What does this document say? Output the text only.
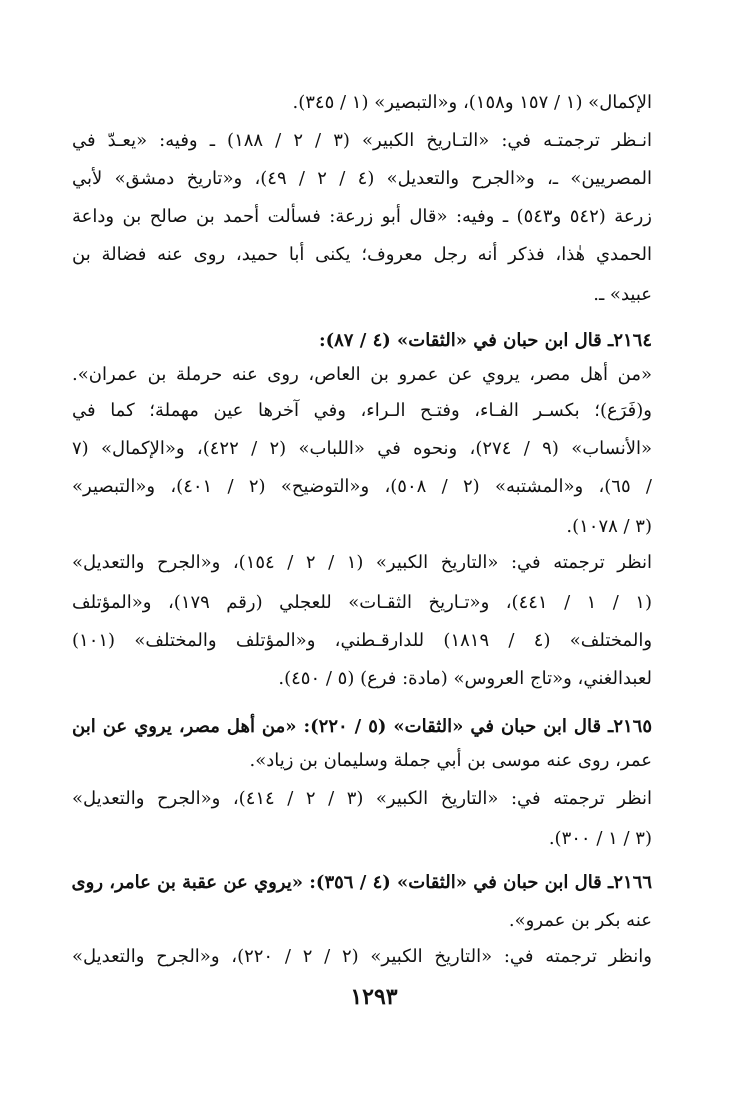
الإكمال» (١ / ١٥٧ و١٥٨)، و«التبصير» (١ / ٣٤٥).
انـظر ترجمتـه في: «التـاريخ الكبير» (٣ / ٢ / ١٨٨) ـ وفيه: «يعـدّ في
المصريين» ـ، و«الجرح والتعديل» (٤ / ٢ / ٤٩)، و«تاريخ دمشق» لأبي
زرعة (٥٤٢ و٥٤٣) ـ وفيه: «قال أبو زرعة: فسألت أحمد بن صالح بن وداعة
الحمدي هٰذا، فذكر أنه رجل معروف؛ يكنى أبا حميد، روى عنه فضالة بن
عبيد» ـ.
٢١٦٤ـ قال ابن حبان في «الثقات» (٤ / ٨٧):
«من أهل مصر، يروي عن عمرو بن العاص، روى عنه حرملة بن عمران».
و(فَرَع)؛ بكسـر الفـاء، وفتـح الـراء، وفي آخرها عين مهملة؛ كما في
«الأنساب» (٩ / ٢٧٤)، ونحوه في «اللباب» (٢ / ٤٢٢)، و«الإكمال» (٧
/ ٦٥)، و«المشتبه» (٢ / ٥٠٨)، و«التوضيح» (٢ / ٤٠١)، و«التبصير»
(٣ / ١٠٧٨).
انظر ترجمته في: «التاريخ الكبير» (١ / ٢ / ١٥٤)، و«الجرح والتعديل»
(١ / ١ / ٤٤١)، و«تـاريخ الثقـات» للعجلي (رقم ١٧٩)، و«المؤتلف
والمختلف» (٤ / ١٨١٩) للدارقـطني، و«المؤتلف والمختلف» (١٠١)
لعبدالغني، و«تاج العروس» (مادة: فرع) (٥ / ٤٥٠).
٢١٦٥ـ قال ابن حبان في «الثقات» (٥ / ٢٢٠): «من أهل مصر، يروي عن ابن
عمر، روى عنه موسى بن أبي جملة وسليمان بن زياد».
انظر ترجمته في: «التاريخ الكبير» (٣ / ٢ / ٤١٤)، و«الجرح والتعديل»
(٣ / ١ / ٣٠٠).
٢١٦٦ـ قال ابن حبان في «الثقات» (٤ / ٣٥٦): «يروي عن عقبة بن عامر، روى
عنه بكر بن عمرو».
وانظر ترجمته في: «التاريخ الكبير» (٢ / ٢ / ٢٢٠)، و«الجرح والتعديل»
١٢٩٣
